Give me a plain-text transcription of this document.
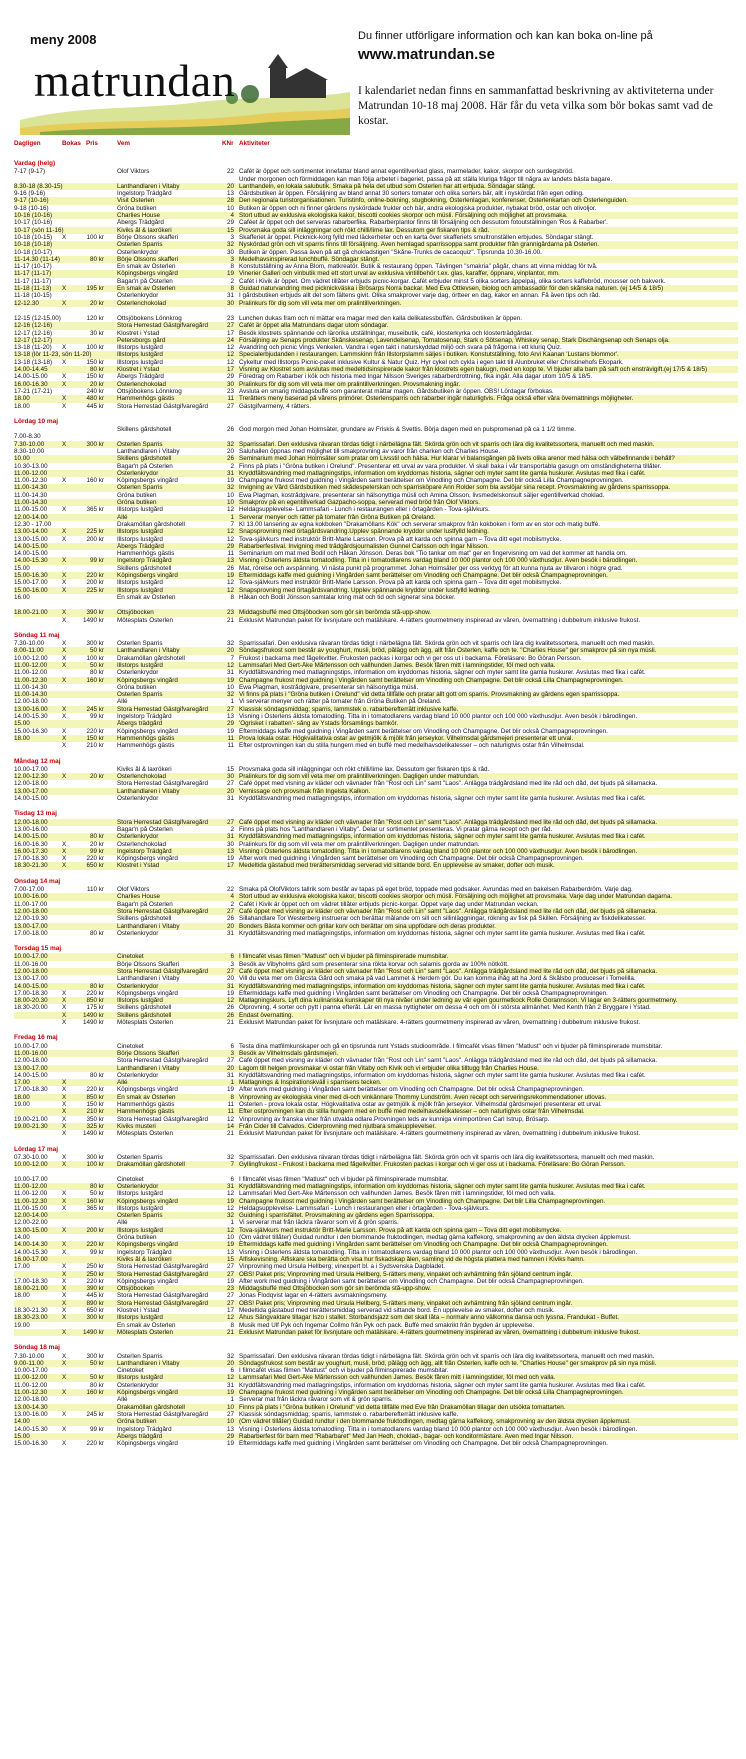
meny 2008
matrundan
Du finner utförligare information och kan kan boka on-line på
www.matrundan.se
I kalendariet nedan finns en sammanfattad beskrivning av aktiviteterna under Matrundan 10-18 maj 2008. Här får du veta vilka som bör bokas samt vad de kostar.
Dagligen	Bokas Pris	Vem	KNr Aktiviteter
Vardag (helg)
7-17 (9-17)	Olof Viktors	22 Cafét är öppet och sortimentet innefattar bland annat egentillverkad glass, marmelader, kakor, skorpor och surdegsbröd.
Under morgonen och förmiddagen kan man följa arbetet i bageriet, passa på att ställa kluriga frågor till några av landets bästa bagare.
8.30-18 (8.30-15)	Lanthandlaren i Vitaby	20 Lanthandeln, en lokala salubutik. Smaka på hela det utbud som Österlen har att erbjuda. Söndagar stängt.
9-16 (9-16)	Ingelstorp Trädgård	13 Gårdsbutiken är öppen. Försäljning av bland annat 30 sorters tomater och olika sorters bär, allt i nyskördat från egen odling.
9-17 (10-16)	Visit Österlen	28 Den regionala turistorganisationen. Turistinfo, online-bokning, stugbokning, Österlenlagan, konferenser, Österlenkartan och Österlenguiden.
9-18 (10-16)	Gröna butiken	10 Butiken är öppen och ni finner gårdens nyskördade frukter och bär, andra ekologiska produkter, nybakat bröd, ostar och olivoljor.
10-16 (10-16)	Charlies House	4 Stort utbud av exklusiva ekologiska kakor, biscotti cookies skorpor och müsli. Försäljning och möjlighet att provsmaka.
10-17 (10-16)	Åbergs Trädgård	29 Caféet är öppet och det serveras rabarberfika. Rabarberplantor finns till försäljning och dessutom fotoutställningen 'Ros & Rabarber'.
10-17 (sön 11-16)	Kiviks ål & laxrökeri	15 Provsmaka goda sill inläggningar och rökt chilli/lime lax. Dessutom ger fiskaren tips & råd.
10-18 (10-15)	X	100 kr Börje Olssons skafferi	3 Skafferiet är öppet. Picknick-korg fylld med läckerheter och en karta över skafferiets smultronställen erbjudes. Söndagar stängt.
10-18 (10-18)	Österlen Sparris	32 Nyskördad grön och vit sparris finns till försäljning. Även hemlagad sparrissoppa samt produkter från grannigårdarna på Österlen.
10-18 (10-17)	Österlenkrydor	30 Butiken är öppen. Passa även på att gå chokladstigen "Skåne-Trunks de cacaoquiz". Tipsrunda 10.30-16.00.
11-14.30 (11-14)	80 kr Börje Olssons skafferi	3 Medelhavsinspirerad lunchbuffé. Söndagar stängt.
11-17 (10-17)	En smak av Österlen	8 Konstutställning av Anna Blom, matkreatör. Butik & restaurang öppen. Tävlingen "smakria" pågår, chans att vinna middag för två.
11-17 (11-17)	Köpingsbergs vingård	19 Vinerier Galleri och vinbutik med ett stort urval av exklusiva vintillbehör t.ex. glas, karaffer, öppnare, vinplantor, mm.
11-17 (11-17)	Bagar'n på Österlen	2 Cafét i Kivik är öppet. Om vädret tillåter erbjuds picnic-korgar. Cafét erbjuder minst 5 olika sorters äppelpaj, olika sorters kaffebröd, mousser och bakverk.
11-18 (11-13)	X	195 kr En smak av Österlen	8 Guidad naturvandring med picknickväska i Brösarps Norra backar. Med Eva Ottlevsen, biolog och ambassadör för den skånska naturen. (ej 14/5 & 18/5)
11-18 (10-15)	Österlenkrydor	31 I gårdsbutiken erbjuds allt det som fältens givit. Olika smakprover varje dag, örtteer en dag, kakor en annan. Få även tips och råd.
12-12.30	X	20 kr Österlenchokolad	30 Pralinkurs för dig som vill veta mer om pralintillverkningen.
12-15 (12-15.00)	120 kr Ottsjöbokens Lönnkrog	23 Lunchen dukas fram och ni mättar era magar med den kalla delikatessbuffén. Gårdsbutiken är öppen.
12-16 (12-16)	Stora Herrestad Gästgifvaregård	27 Cafét är öppet alla Matrundans dagar utom söndagar.
12-17 (12-16)	30 kr Klostret i Ystad	17 Besök klostrets spännande och lärorika utställningar, museibutik, café, klosterkyrka och klosterträdgårdar.
12-17 (12-17)	Petersborgs gård	24 Försäljning av Senaps produkter Skånskesenap, Lavendelsenap, Tomatosenap, Stark o Sötsenap, Whiskey senap, Stark Dischängsenap och Senaps olja.
13-18 (11-20)	X	100 kr Illstorps lustgård	12 Avandring och picnic Vings Venkelen. Vandra i egen takt i naturskyddad miljö och svara på frågorna i ett kluriq Quiz.
13-18 (lör 11-23, sön 11-20)	Illstorps lustgård	12 Specialerbjudanden i restaurangen. Lammskinn från Illstorpslamm säljes i butiken. Konstutställning, foto Arvi Kaanan 'Lustans blommor'.
13-18 (13-18)	X	150 kr Illstorps lustgård	12 Cykeltur med Illstorps Picnic-paket inklusive Kultur & Natur Quiz. Hyr cykel och cykla i egen takt till Alunbruket eller Christinehofs Ekopark.
14.00-14.45	80 kr Klostret i Ystad	17 Visning av Klostret som avslutas med medeltidsinspirerade kakor från klostrets egen bakugn, med en kopp te. Vi bjuder alla barn på saft och enstrávigift.(ej 17/5 & 18/5)
14.00-15.00	X	150 kr Åbergs Trädgård	29 Föredrag om Rabarber i kök och historia med Ingar Nilsson Sveriges rabarberdrottning, fika ingår. Alla dagar utom 10/5 & 18/5.
16.00-16.30	X	20 kr Österlenchokolad	30 Pralinkurs för dig som vill veta mer om pralintillverkningen. Provsmakning ingår.
17-21 (17-21)	240 kr Ottsjöbokens Lönnkrog	23 Avsluta en smarig middagsbuffé som garanterat mättar magen. Gårdsbutiken är öppen. OBS! Lördagar förbokas.
18.00	X	480 kr Hammenhögs gästis	11 Treråtters meny baserad på vårens primörer. Österlensparris och rabarber ingår naturligtvis. Fråga också efter våra övernattnings möjligheter.
18.00	X	445 kr Stora Herrestad Gästgifvaregård	27 Gästgifvarmeny, 4 rätters.
Lördag 10 maj
Skillens gårdshotell	26 God morgon med Johan Holmsäter, grundare av Friskis & Svettis. Börja dagen med en pulspromenad på ca 1 1/2 timme.
7.00-8.30
7.30-10.00	X	300 kr Österlen Sparris	32 Sparrissafari. Den exklusiva rävaran tördas tidigt i närbelägna fält. Skörda grön och vit sparris och lära dig kvalitetssortera, manuellt och med maskin.
8.30-10.00	Lanthandlaren i Vitaby	20 Saluhallen öppnas med möjlighet till smakprovning av varor från charken och Charlies House.
10.00	Skillens gårdshotell	26 Seminarium med Johan Holmsäter som pratar om Livsstil och hälsa. Hur klarar vi balansgången på livets olika arenor med hälsa och välbefinnande i behåll?
10.30-13.00	Bagar'n på Österlen	2 Finns på plats i "Gröna butiken i Örelund". Presenterar ett urval av vara produkter. Vi skall baka i vår transportabla gasugn om omständigheterna tillåter.
11.00-12.00	Österlenkrydor	31 Kryddfältsvandring med matlagningstips, information om kryddornas historia, sägner och myter samt lite gamla huskurer. Avslutas med fika i cafét.
11.00-12.30	X	160 kr Köpingsbergs vingård	19 Champagne frukost med guidning i Vingården samt berättelser om Vinodling och Champagne. Det blir också Lilla Champagneprovningen.
11.00-14.30	Österlen Sparris	32 Invigning av Vård Gårdsbutiken med skådespelerskan och sparrisköpare Ann Rolder som bla avslöjar sina recept. Provsmakning av gårdens sparrissoppa.
11.00-14.30	Gröna butiken	10 Ewa Plagman, kostrådgivare, presenterar sin hälsonyttiga müsli och Amina Olsson, livsmedelskonsult säljer egentillverkad choklad.
11.00-14.30	Gröna butiken	10 Smakprov på en egentillverkad Gazpacho-soppa, serverad med bröd från Olof Viktors.
11.00-15.00	X	365 kr Illstorps lustgård	12 Heldagsupplevelse- Lammsafari - Lunch i restaurangen eller i örtagården - Tova-självkurs.
12.00-14.00	Allé	1 Serverar menyer och rätter på tomater från Gröna Butiken på Öreland.
12.30 - 17.00	Drakamöllan gårdshotell	7 Kl 13.00 lansering av egna kokboken "Drakamöllans Kök" och serverar smakprov från kokboken i form av en stor och matig buffé.
13.00-14.00	X	225 kr Illstorps lustgård	12 Snapsprovning med örtagårdsvandring.Upplev spännande kryddor under lustfylld ledning.
13.00-15.00	X	200 kr Illstorps lustgård	12 Tova-självkurs med instruktör Britt-Marie Larsson. Prova på att karda och spinna garn – Tova ditt eget mobilsmycke.
14.00-15.00	Åbergs Trädgård	29 Rabarberfestival. Invigning med trädgårdsjournalisten Gunnel Carlsson och Ingar Nilsson.
14.00-15.00	Hammenhögs gästis	11 Seminarium om mat med Bodil och Håkan Jönsson. Deras bok "Tio tankar om mat" ger en fingervisning om vad det kommer att handla om.
14.00-15.30	X	99 kr Ingelstorp Trädgård	13 Visning i Österlens äldsta tomatodling. Titta in i tomatodlarens vardag bland 10 000 plantor och 100 000 växthusdjur. Även besök i bärodlingen.
15.00	Skillens gårdshotell	26 Mat, rörelse och avspänning. Vi nästa punkt på programmet. Johan Holmsäter ger oss verktyg för att kunna njuta av tillvaron i högre grad.
15.00-16.30	X	220 kr Köpingsbergs vingård	19 Eftermiddags kaffe med guidning i Vingården samt berättelser om Vinodling och Champagne. Det blir också Champagneprovningen.
15.00-17.00	X	200 kr Illstorps lustgård	12 Tova-självkurs med instruktör Britt-Marie Larsson. Prova på att karda och spinna garn – Tova ditt eget mobilsmycke.
15.00-16.00	X	225 kr Illstorps lustgård	12 Snapsprovning med örtagårdsvandring. Upplev spännande kryddor under lustfylld ledning.
16.00	En smak av Österlen	8 Håkan och Bodil Jönsson samtalar kring mat och tid och signerar sina böcker.
18.00-21.00	X	390 kr Ottsjöbocken	23 Middagsbuffé med Ottsjöbocken som gör sin berömda stå-upp-show.
X	1490 kr Mötesplats Österlen	21 Exklusivt Matrundan paket för livsnjutare och matälskare. 4-rätters gourmetmeny inspirerad av våren, övernattning i dubbelrum inklusive frukost.
Söndag 11 maj
7.30-10.00	X	300 kr Österlen Sparris	32 Sparrissafari. Den exklusiva rävaran tördas tidigt i närbelägna fält. Skörda grön och vit sparris och lära dig kvalitetssortera, manuellt och med maskin.
8.00-11.00	X	50 kr Lanthandlaren i Vitaby	20 Söndagsfrukost som består av youghurt, musli, bröd, pålägg och ägg, allt från Österlen, kaffe och te. "Charlies House" ger smakprov på sin nya müsli.
10.00-12.00	X	100 kr Drakamöllan gårdshotell	7 Frukost i backarna med fågelkvitter. Frukosten packas i korgar och vi ger oss ut i backarna. Föreläsare: Bo Göran Persson.
11.00-12.00	X	50 kr Illstorps lustgård	12 Lammsafari Med Gert-Åke Mårtensson och vallhunden James. Besök fåren mitt i lamningstider, föl med och valla.
11.00-12.00	80 kr Österlenkrydor	31 Kryddfältsvandring med matlagningstips, information om kryddornas historia, sägner och myter samt lite gamla huskurer. Avslutas med fika i cafét.
11.00-12.30	X	160 kr Köpingsbergs vingård	19 Champagne frukost med guidning i Vingården samt berättelser om Vinodling och Champagne. Det blir också Lilla Champagneprovningen.
11.00-14.30	Gröna butiken	10 Ewa Plagman, kostrådgivare, presenterar sin hälsonyttiga müsli.
11.00-14.30	Österlen Sparris	32 Vi finns på plats i "Gröna butiken i Örelund" vid detta tillfälle och pratar allt gott om sparris. Provsmakning av gårdens egen sparrissoppa.
12.00-18.00	Allé	1 Vi serverar menyer och rätter på tomater från Gröna Butiken på Öreland.
13.00-16.00	X	245 kr Stora Herrestad Gästgifvaregård	27 Klassisk söndagsmiddag; sparris, lammstek o. rabarberefterrätt inklusive kaffe.
14.00-15.30	X	99 kr Ingelstorp Trädgård	13 Visning i Österlens äldsta tomatodling. Titta in i tomatodlarens vardag bland 10 000 plantor och 100 000 växthusdjur. Även besök i bärodlingen.
15.00	Åbergs trädgård	29 'Ögrisket i rabatten'- sång av Ystads församlings barnkör.
15.00-16.30	X	220 kr Köpingsbergs vingård	19 Eftermiddags kaffe med guidning i Vingården samt berättelser om Vinodling och Champagne. Det blir också Champagneprovningen.
18.00	X	150 kr Hammenhögs gästis	11 Prova lokala ostar. Högkvalitativa ostar av getmjölk & mjölk från jerseykor. Vilhelmsdal gårdsmejeri presenterar ett urval.
X	210 kr Hammenhögs gästis	11 Efter ostprovningen kan du stilla hungern med en buffé med medelhavsdelikatesser – och naturligtvis ostar från Vilhelmsdal.
Måndag 12 maj
10.00-17.00	Kiviks ål & laxrökeri	15 Provsmaka goda sill inläggningar och rökt chilli/lime lax. Dessutom ger fiskaren tips & råd.
12.00-12.30	X	20 kr Österlenchokolad	30 Pralinkurs för dig som vill veta mer om pralintillverkningen. Dagligen under matrundan.
12.00-18.00	Stora Herrestad Gästgifvaregård	27 Café öppet med visning av kläder och vävnader från "Rost och Lin" samt "Laos". Anlägga trädgårdsland med lite råd och dåd, det bjuds på sillamacka.
13.00-17.00	Lanthandlaren i Vitaby	20 Vernissage och provsmak från Ingelsta Kalkon.
14.00-15.00	Österlenkrydor	31 Kryddfältsvandring med matlagningstips, information om kryddornas historia, sägner och myter samt lite gamla huskurer. Avslutas med fika i cafét.
Tisdag 13 maj
12.00-18.00	Stora Herrestad Gästgifvaregård	27 Café öppet med visning av kläder och vävnader från "Rost och Lin" samt "Laos". Anlägga trädgårdsland med lite råd och dåd, det bjuds på sillamacka.
13.00-16.00	Bagar'n på Österlen	2 Finns på plats hos "Lanthandlaren i Vitaby". Delar ur sortimentet presenteras. Vi pratar gärna recept och ger råd.
14.00-15.00	80 kr Österlenkrydor	31 Kryddfältsvandring med matlagningstips, information om kryddornas historia, sägner och myter samt lite gamla huskurer. Avslutas med fika i cafét.
16.00-16.30	X	20 kr Österlenchokolad	30 Pralinkurs för dig som vill veta mer om pralintillverkningen. Dagligen under matrundan.
16.00-17.30	X	99 kr Ingelstorp Trädgård	13 Visning i Österlens äldsta tomatodling. Titta in i tomatodlarens vardag bland 10 000 plantor och 100 000 växthusdjur. Även besök i bärodlingen.
17.00-18.30	X	220 kr Köpingsbergs vingård	19 After work med guidning i Vingården samt berättelser om Vinodling och Champagne. Det blir också Champagneprovningen.
18.30-21.30	X	650 kr Klostret i Ystad	17 Medeltida gästabud med trerättersmiddag serverad vid sittande bord. En upplevelse av smaker, dofter och musik.
Onsdag 14 maj
7.00-17.00	110 kr Olof Viktors	22 Smaka på OlofViktors tallrik som består av tapas på eget bröd, toppade med godsaker. Avrundas med en bakelsen Rabarberdröm. Varje dag.
10.00-16.00	Charlies House	4 Stort utbud av exklusiva ekologiska kakor, biscotti cookies skorpor och müsli. Försäljning och möjlighet att provsmaka. Varje dag under Matrundan dagarna.
11.00-17.00	Bagar'n på Österlen	2 Cafét i Kivik är öppet och om vädret tillåter erbjuds picnic-korgar. Öppet varje dag under Matrundan veckan.
12.00-18.00	Stora Herrestad Gästgifvaregård	27 Café öppet med visning av kläder och vävnader från "Rost och Lin" samt "Laos". Anlägga trädgårdsland med lite råd och dåd, det bjuds på sillamacka.
12.00-19.30	Skillens gårdshotell	26 Sillahandlare Tor Westerberg instruerar och berättar målande om sill och sillinläggningar, rökning av fisk på Skillen. Försäljning av fiskdelikatesser.
13.00-17.00	Lanthandlaren i Vitaby	20 Bonders Bästa kommer och grillar korv och berättar om sina uppfödare och deras produkter.
17.00-18.00	80 kr Österlenkrydor	31 Kryddfältsvandring med matlagningstips, information om kryddornas historia, sägner och myter samt lite gamla huskurer. Avslutas med fika i cafét.
Torsdag 15 maj
10.00-17.00	Cinetoket	6 I filmcafét visas filmen "Matlust" och vi bjuder på filminspirerade mumsbitar.
11.00-16.00	Börje Olssons Skafferi	3 Besök av Vibyholms gård som presenterar sina röktа korvar och salamis gjorda av 100% nötkött.
12.00-18.00	Stora Herrestad Gästgifvaregård	27 Café öppet med visning av kläder och vävnader från "Rost och Lin" samt "Laos". Anlägga trädgårdsland med lite råd och dåd, det bjuds på sillamacka.
13.00-17.00	Lanthandlaren i Vitaby	20 Vill du veta mer om Gärcsta Gård och smaka på vad Lammet & Herdem gör. Du kan komma ihåg att ha Jord & Skålsbo produceser i Tomelilla.
14.00-15.00	80 kr Österlenkrydor	31 Kryddfältsvandring med matlagningstips, information om kryddornas historia, sägner och myter samt lite gamla huskurer. Avslutas med fika i cafét.
17.00-18.30	X	220 kr Köpingsbergs vingård	19 Eftermiddags kaffe med guidning i Vingården samt berättelser om Vinodling och Champagne. Det blir också Champagneprovningen.
18.00-20.30	X	850 kr Illstorps lustgård	12 Matlagningskurs. Lyft dina kulinariska kunskaper till nya nivåer under ledning av vår egen gourmetkock Rolle Gorannsson. Vi lagar en 3-rätters gourmetmeny.
18.30-20.00	X	175 kr Skillens gårdshotell	26 Ölprovning, 4 sorter och pytt i panna efteråt. Lär en massa nyttigheter om dessa 4 och om öl i största allmänhet. Med Kenth från 2 Bryggare i Ystad.
X	1490 kr Skillens gårdshotell	26 Endast övernatting.
X	1490 kr Mötesplats Österlen	21 Exklusivt Matrundan paket för livsnjutare och matälskare. 4-rätters gourmetmeny inspirerad av våren, övernattning i dubbelrum inklusive frukost.
Fredag 16 maj
10.00-17.00	Cinetoket	6 Testa dina matfilmkunskaper och gå en tipsrunda runt Ystads studioområde. I filmcafét visas filmen "Matlust" och vi bjuder på filminspirerade mumsbitar.
11.00-16.00	Börje Olssons Skafferi	3 Besök av Vilhelmsdals gårdsmejeri.
12.00-18.00	Stora Herrestad Gästgifvaregård	27 Café öppet med visning av kläder och vävnader från "Rost och Lin" samt "Laos". Anlägga trädgårdsland med lite råd och dåd, det bjuds på sillamacka.
13.00-17.00	Lanthandlaren i Vitaby	20 Lagom till helgen provsmakar vi ostar från Vitaby och Kivik och vi erbjuder olika tilltugg från Charlies House.
14.00-15.00	80 kr Österlenkrydor	31 Kryddfältsvandring med matlagningstips, information om kryddornas historia, sägner och myter samt lite gamla huskurer. Avslutas med fika i cafét.
17.00	X	Allé	1 Matlagnings & Inspirationskväll i sparrisens tecken.
17.00-18.30	X	220 kr Köpingsbergs vingård	19 After work med guidning i Vingården samt berättelser om Vinodling och Champagne. Det blir också Champagneprovningen.
18.00	X	850 kr En smak av Österlen	8 Vinprovning av ekologiska viner med di-och vinkännare Thommy Lundström. Även recept och serveringsrekommendationer utlovas.
19.00	X	150 kr Hammenhögs gästis	11 Osterlen - prova lokala ostar. Högkvalitativa ostar av getmjölk & mjölk från jerseykor. Vilhelmsdal gårdsmejeri presenterar ett urval.
X	210 kr Hammenhögs gästis	11 Efter ostprovningen kan du stilla hungern med en buffé med medelhavsdelikatesser – och naturligtvis ostar från Vilhelmsdal.
19.00-21.00	X	350 kr Stora Herrestad Gästgifvaregård	12 Vinprovning av franska viner från utvalda odlare.Provningen leds av kunniga vinimportören Carl Istrup, Brösarp.
19.00-21.30	X	325 kr Kiviks musteri	14 Från Cider till Calvados. Ciderprovning med njutbara smakupplevelser.
X	1490 kr Mötesplats Österlen	21 Exklusivt Matrundan paket för livsnjutare och matälskare. 4-rätters gourmetmeny inspirerad av våren, övernattning i dubbelrum inklusive frukost.
Lördag 17 maj
07.30-10.00	X	300 kr Österlen Sparris	32 Sparrissafari. Den exklusiva rävaran tördas tidigt i närbelägna fält. Skörda grön och vit sparris och lära dig kvalitetssortera, manuellt och med maskin.
10.00-12.00	X	100 kr Drakamöllan gårdshotell	7 Gyllingfrukost - Frukost i backarna med fågelkvitter. Frukosten packas i korgar och vi ger oss ut i backarna. Föreläsare: Bo Göran Persson.
10.00-17.00	Cinetoket	6 I filmcafét visas filmen "Matlust" och vi bjuder på filminspirerade mumsbitar.
11.00-12.00	80 kr Österlenkrydor	31 Kryddfältsvandring med matlagningstips, information om kryddornas historia, sägner och myter samt lite gamla huskurer. Avslutas med fika i cafét.
11.00-12.00	X	50 kr Illstorps lustgård	12 Lammsafari Med Gert-Åke Mårtensson och vallhunden James. Besök fåren mitt i lamningstider, föl med och valla.
11.00-12.30	X	160 kr Köpingsbergs vingård	19 Champagne frukost med guidning i Vingården samt berättelser om Vinodling och Champagne. Det blir Lilla Champagneprovningen.
11.00-15.00	X	365 kr Illstorps lustgård	12 Heldagsupplevelse- Lammsafari - Lunch i restaurangen eller i örtagården - Tova-självkurs.
12.00-14.00	Österlen Sparris	32 Guidning i sparrisfältet. Provsmakning av gårdens egen Sparrissoppa.
12.00-22.00	Allé	1 Vi serverar mat från läckra råvaror som vit & grön sparris.
13.00-15.00	X	200 kr Illstorps lustgård	12 Tova-självkurs med instruktör Britt-Marie Larsson. Prova på att karda och spinna garn – Tova ditt eget mobilsmycke.
14.00	Gröna butiken	10 (Om vädret tillåter) Guidad rundtur i den blommande fruktodlingen, medtag gärna kaffekorg, smakprovning av den äldsta drycken äpplemust.
14.00-14.30	X	220 kr Köpingsbergs vingård	19 Eftermiddags kaffe med guidning i Vingården samt berättelser om Vinodling och Champagne. Det blir också Champagneprovningen.
14.00-15.30	X	99 kr Ingelstorp Trädgård	13 Visning i Österlens äldsta tomatodling. Titta in i tomatodlarens vardag bland 10 000 plantor och 100 000 växthusdjur. Även besök i bärodlingen.
16.00-17.00	Kiviks ål & laxrökeri	15 Ålfiskevisning. Ålfiskare ska berätta och visa hur fiskadskap ålen, samling vid de högsta plattera med hamnen i Kiviks hamn.
17.00	X	250 kr Stora Herrestad Gästgifvaregård	27 Vinprovning med Ursula Hellberg; vinexpert bl. a i Sydsvenska Dagbladet.
X	250 kr Stora Herrestad Gästgifvaregård	27 OBS! Paket pris; Vinprovning med Ursula Hellberg, 5-rätters meny, vinpaket och avhämtning från sjöland centrum ingår.
17.00-18.30	X	220 kr Köpingsbergs vingård	19 After work med guidning i Vingården samt berättelser om Vinodling och Champagne. Det blir också Champagneprovningen.
18.00-21.00	X	390 kr Ottsjöbocken	23 Middagsbuffé med Ottsjöbocken som gör sin berömda stå-upp-show.
18.00	X	445 kr Stora Herrestad Gästgifvaregård	27 Jonas Flodqvist lagar en 4-rätters avsmakningsmeny.
X	890 kr Stora Herrestad Gästgifvaregård	27 OBS! Paket pris; Vinprovning med Ursula Hellberg, 5-rätters meny, vinpaket och avhämtning från sjöland centrum ingår.
18.30-21.30	X	650 kr Klostret i Ystad	17 Medeltida gästabud med trerättersmiddag serverad vid sittande bord. En upplevelse av smaker, dofter och musik.
18.30-23.00	X	300 kr Illstorps lustgård	12 Åhus Sängvaktare tillagar Iszo i stallet. Storbandsjazz som det skall låta – normalv anno välkomna dansa och lyssna. Frandukat - Buffet.
19.00	En smak av Österlen	8 Musik med Ulf Pyk och Ingemar Collmo från Pyk och pack. Buffé med smakrikt från bygden är upplevelse.
X	1490 kr Mötesplats Österlen	21 Exklusivt Matrundan paket för livsnjutare och matälskare. 4-rätters gourmetmeny inspirerad av våren, övernattning i dubbelrum inklusive frukost.
Söndag 18 maj
7.30-10.00	X	300 kr Österlen Sparris	32 Sparrissafari. Den exklusiva rävaran tördas tidigt i närbelägna fält. Skörda grön och vit sparris och lära dig kvalitetssortera, manuellt och med maskin.
9.00-11.00	X	50 kr Lanthandlaren i Vitaby	20 Söndagsfrukost som består av youghurt, musli, bröd, pålägg och ägg, allt från Österlen, kaffe och te. "Charlies House" ger smakprov på sin nya müsli.
10.00-17.00	Cinetoket	6 I filmcafét visas filmen "Matlust" och vi bjuder på filminspirerade mumsbitar.
11.00-12.00	X	50 kr Illstorps lustgård	12 Lammsafari Med Gert-Åke Mårtensson och vallhunden James. Besök fåren mitt i lamningstider, föl med och valla.
11.00-12.00	80 kr Österlenkrydor	31 Kryddfältsvandring med matlagningstips, information om kryddornas historia, sägner och myter samt lite gamla huskurer. Avslutas med fika i cafét.
11.00-12.30	X	160 kr Köpingsbergs vingård	19 Champagne frukost med guidning i Vingården samt berättelser om Vinodling och Champagne. Det blir också Lilla Champagneprovningen.
12.00-18.00	Allé	1 Serverar mat från läckra råvaror som vit & grön sparris.
13.00-14.30	Drakamöllan gårdshotell	10 Finns på plats i "Gröna butiken i Örelund" vid detta tillfälle med Eve från Drakamöllan tillagar den utsökta tomattarten.
13.00-16.00	X	245 kr Stora Herrestad Gästgifvaregård	27 Klassisk söndagsmiddag; sparris, lammstek o. rabarberefterrätt inklusive kaffe.
14.00	Gröna butiken	10 (Om vädret tillåter) Guidad rundtur i den blommande fruktodlingen, medtag gärna kaffekorg, smakprovning av den äldsta drycken äpplemust.
14.00-15.30	X	99 kr Ingelstorp Trädgård	13 Visning i Österlens äldsta tomatodling. Titta in i tomatodlarens vardag bland 10 000 plantor och 100 000 växthusdjur. Även besök i bärodlingen.
15.00	Åbergs trädgård	29 Rabarberfest för barn med "Rabarbaret" Med Jan Hedh, choklad-, bagar- och konditormästare. Även med Ingar Nilsson.
15.00-16.30	X	220 kr Köpingsbergs vingård	19 Eftermiddags kaffe med guidning i Vingården samt berättelser om Vinodling och Champagne. Det blir också Champagneprovningen.
